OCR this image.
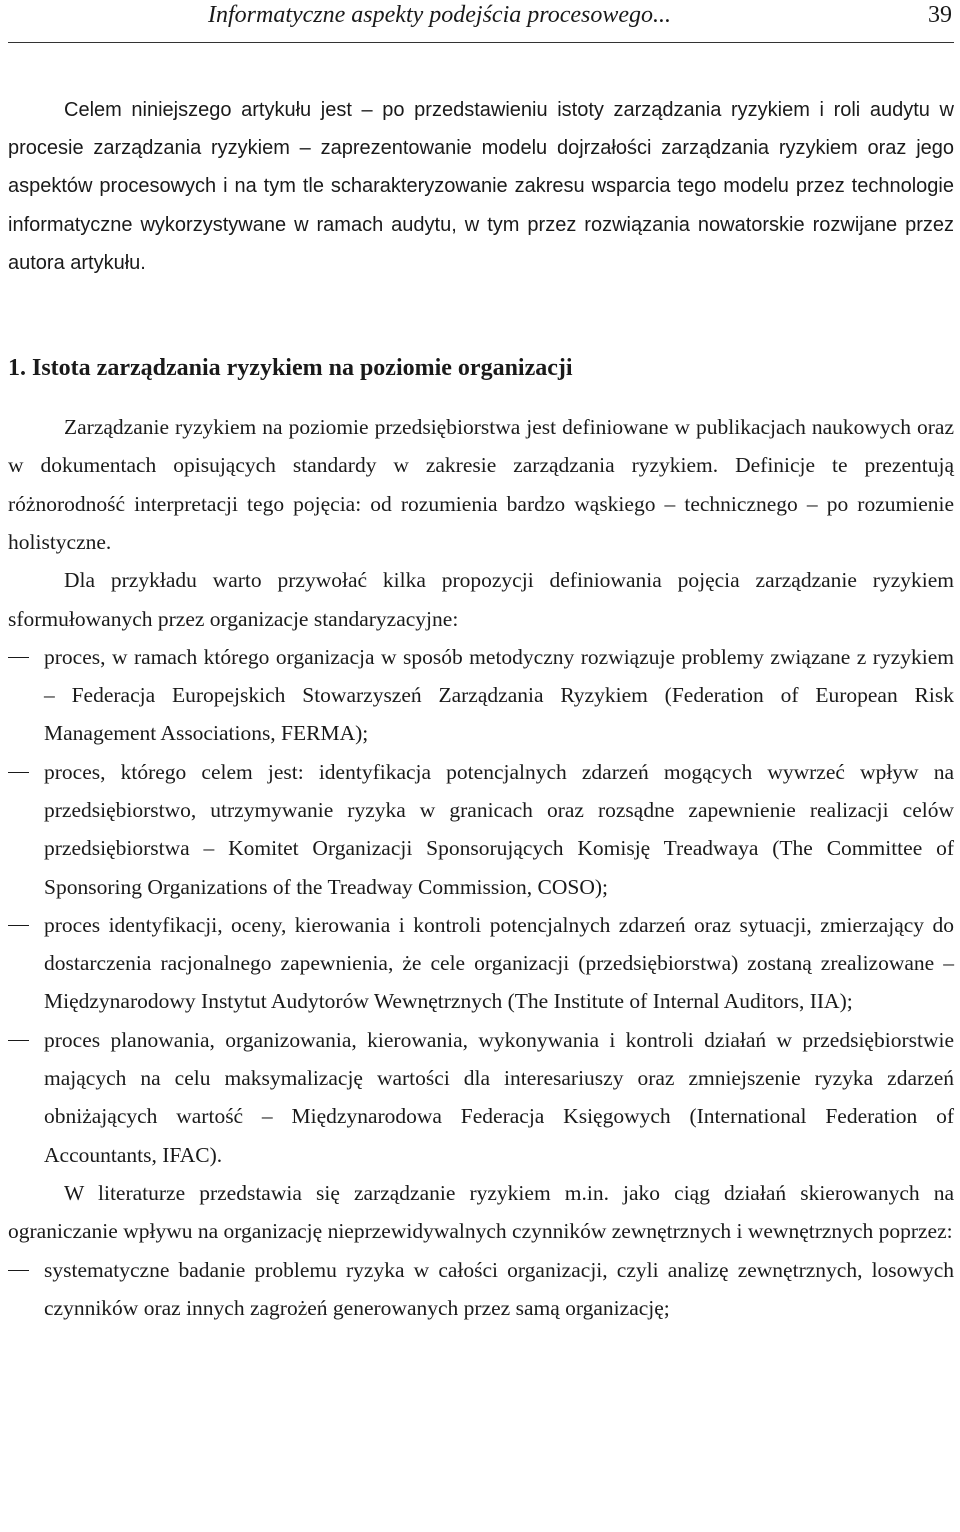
Informatyczne aspekty podejścia procesowego...	39

Celem niniejszego artykułu jest – po przedstawieniu istoty zarządzania ryzykiem i roli audytu w procesie zarządzania ryzykiem – zaprezentowanie modelu dojrzałości zarządzania ryzykiem oraz jego aspektów procesowych i na tym tle scharakteryzowanie zakresu wsparcia tego modelu przez technologie informatyczne wykorzystywane w ramach audytu, w tym przez rozwiązania nowatorskie rozwijane przez autora artykułu.

1. Istota zarządzania ryzykiem na poziomie organizacji

Zarządzanie ryzykiem na poziomie przedsiębiorstwa jest definiowane w publikacjach naukowych oraz w dokumentach opisujących standardy w zakresie zarządzania ryzykiem. Definicje te prezentują różnorodność interpretacji tego pojęcia: od rozumienia bardzo wąskiego – technicznego – po rozumienie holistyczne.

Dla przykładu warto przywołać kilka propozycji definiowania pojęcia zarządzanie ryzykiem sformułowanych przez organizacje standaryzacyjne:

proces, w ramach którego organizacja w sposób metodyczny rozwiązuje problemy związane z ryzykiem – Federacja Europejskich Stowarzyszeń Zarządzania Ryzykiem (Federation of European Risk Management Associations, FERMA);
proces, którego celem jest: identyfikacja potencjalnych zdarzeń mogących wywrzeć wpływ na przedsiębiorstwo, utrzymywanie ryzyka w granicach oraz rozsądne zapewnienie realizacji celów przedsiębiorstwa – Komitet Organizacji Sponsorujących Komisję Treadwaya (The Committee of Sponsoring Organizations of the Treadway Commission, COSO);
proces identyfikacji, oceny, kierowania i kontroli potencjalnych zdarzeń oraz sytuacji, zmierzający do dostarczenia racjonalnego zapewnienia, że cele organizacji (przedsiębiorstwa) zostaną zrealizowane – Międzynarodowy Instytut Audytorów Wewnętrznych (The Institute of Internal Auditors, IIA);
proces planowania, organizowania, kierowania, wykonywania i kontroli działań w przedsiębiorstwie mających na celu maksymalizację wartości dla interesariuszy oraz zmniejszenie ryzyka zdarzeń obniżających wartość – Międzynarodowa Federacja Księgowych (International Federation of Accountants, IFAC).

W literaturze przedstawia się zarządzanie ryzykiem m.in. jako ciąg działań skierowanych na ograniczanie wpływu na organizację nieprzewidywalnych czynników zewnętrznych i wewnętrznych poprzez:

systematyczne badanie problemu ryzyka w całości organizacji, czyli analizę zewnętrznych, losowych czynników oraz innych zagrożeń generowanych przez samą organizację;
